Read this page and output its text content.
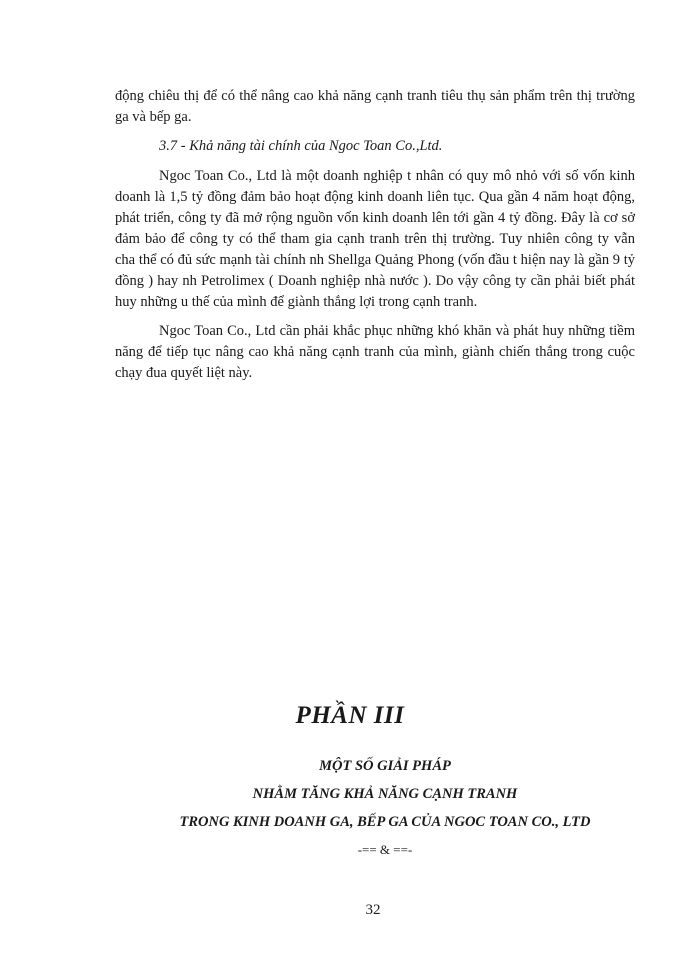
động chiêu thị để có thể nâng cao khả năng cạnh tranh tiêu thụ sản phẩm trên thị trường ga và bếp ga.

3.7 - Khả năng tài chính của Ngoc Toan Co.,Ltd.

Ngoc Toan Co., Ltd là một doanh nghiệp t nhân có quy mô nhỏ với số vốn kinh doanh là 1,5 tỷ đồng đảm bảo hoạt động kinh doanh liên tục. Qua gần 4 năm hoạt động, phát triển, công ty đã mở rộng nguồn vốn kinh doanh lên tới gần 4 tỷ đồng. Đây là cơ sở đảm bảo để công ty có thể tham gia cạnh tranh trên thị trường. Tuy nhiên công ty vẫn cha thể có đủ sức mạnh tài chính nh Shellga Quảng Phong (vốn đầu t hiện nay là gần 9 tỷ đồng ) hay nh Petrolimex ( Doanh nghiệp nhà nước ). Do vậy công ty cần phải biết phát huy những u thế của mình để giành thắng lợi trong cạnh tranh.

Ngoc Toan Co., Ltd cần phải khắc phục những khó khăn và phát huy những tiềm năng để tiếp tục nâng cao khả năng cạnh tranh của mình, giành chiến thắng trong cuộc chạy đua quyết liệt này.

PHẦN III
MỘT SỐ GIẢI PHÁP
NHẰM TĂNG KHẢ NĂNG CẠNH TRANH
TRONG KINH DOANH GA, BẾP GA CỦA NGOC TOAN CO., LTD
-== & ==-
32
